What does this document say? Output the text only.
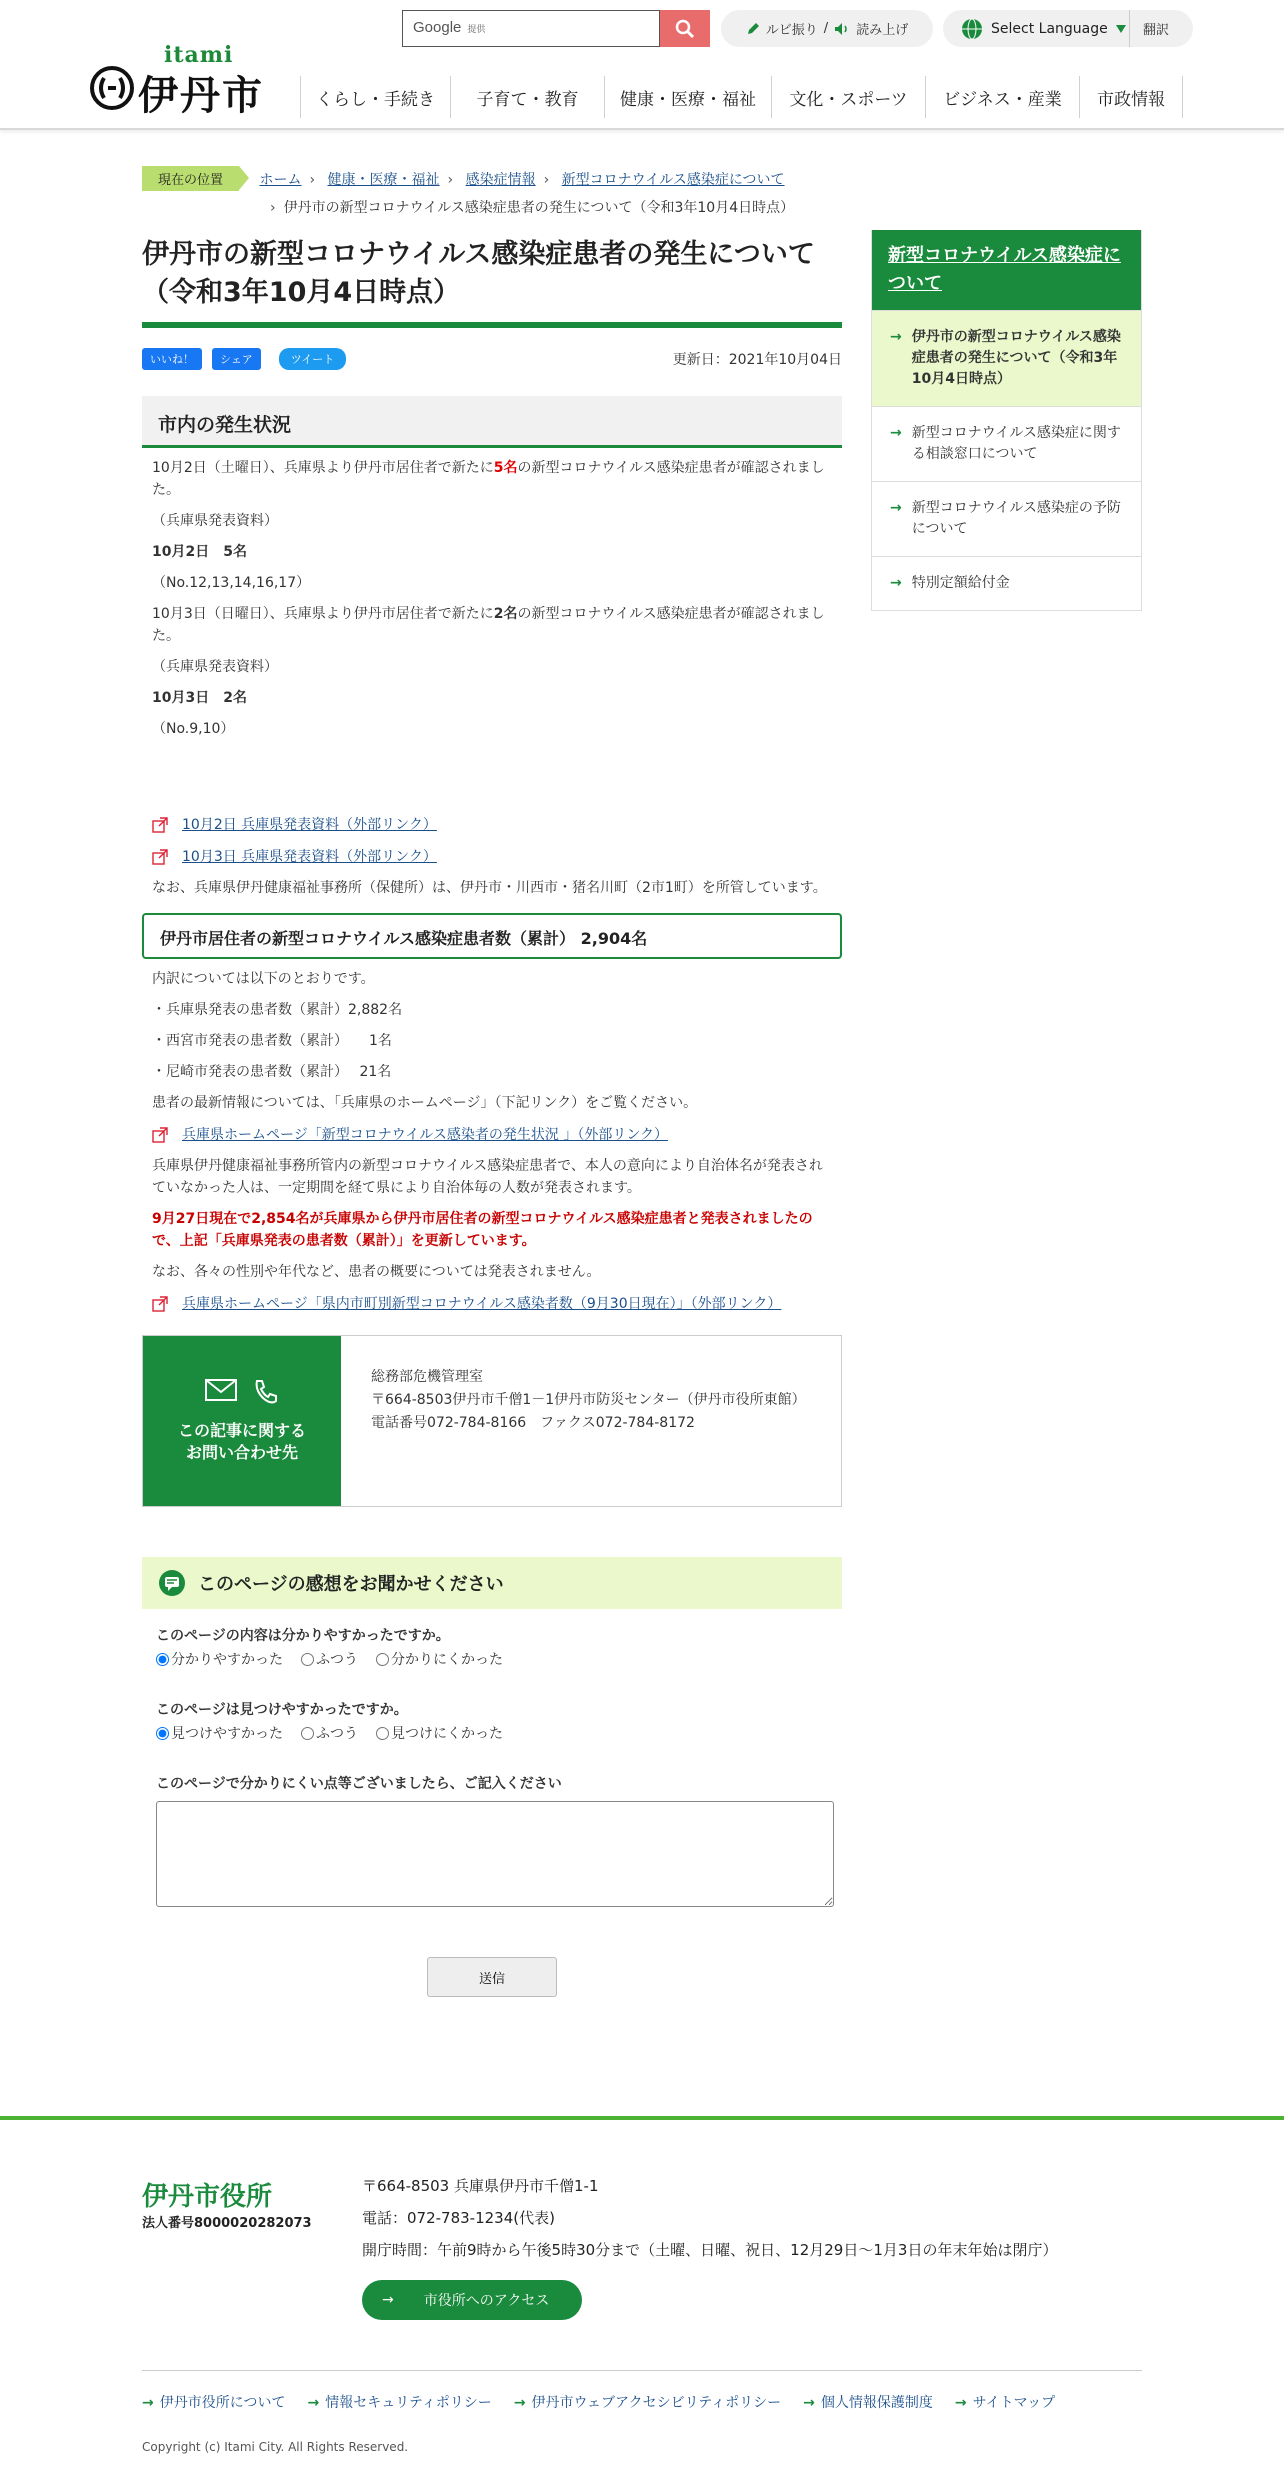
itami
伊丹市
Google 提供	ルビ振り / 読み上げ	Select Language	翻訳
くらし・手続き	子育て・教育	健康・医療・福祉	文化・スポーツ	ビジネス・産業	市政情報
現在の位置	ホーム › 健康・医療・福祉 › 感染症情報 › 新型コロナウイルス感染症について
› 伊丹市の新型コロナウイルス感染症患者の発生について（令和3年10月4日時点）
伊丹市の新型コロナウイルス感染症患者の発生について（令和3年10月4日時点）
いいね！	シェア	ツイート	更新日：2021年10月04日
市内の発生状況

10月2日（土曜日）、兵庫県より伊丹市居住者で新たに5名の新型コロナウイルス感染症患者が確認されました。

（兵庫県発表資料）

10月2日　5名

（No.12,13,14,16,17）

10月3日（日曜日）、兵庫県より伊丹市居住者で新たに2名の新型コロナウイルス感染症患者が確認されました。

（兵庫県発表資料）

10月3日　2名

（No.9,10）

10月2日 兵庫県発表資料（外部リンク）
10月3日 兵庫県発表資料（外部リンク）

なお、兵庫県伊丹健康福祉事務所（保健所）は、伊丹市・川西市・猪名川町（2市1町）を所管しています。

伊丹市居住者の新型コロナウイルス感染症患者数（累計） 2,904名

内訳については以下のとおりです。

・兵庫県発表の患者数（累計）2,882名

・西宮市発表の患者数（累計）　　1名

・尼崎市発表の患者数（累計）　 21名

患者の最新情報については、「兵庫県のホームページ」（下記リンク）をご覧ください。

兵庫県ホームページ「新型コロナウイルス感染者の発生状況 」（外部リンク）

兵庫県伊丹健康福祉事務所管内の新型コロナウイルス感染症患者で、本人の意向により自治体名が発表されていなかった人は、一定期間を経て県により自治体毎の人数が発表されます。

9月27日現在で2,854名が兵庫県から伊丹市居住者の新型コロナウイルス感染症患者と発表されましたので、上記「兵庫県発表の患者数（累計）」を更新しています。

なお、各々の性別や年代など、患者の概要については発表されません。

兵庫県ホームページ「県内市町別新型コロナウイルス感染者数（9月30日現在）」（外部リンク）
この記事に関する
お問い合わせ先
総務部危機管理室
〒664-8503伊丹市千僧1－1伊丹市防災センター（伊丹市役所東館）
電話番号072-784-8166　ファクス072-784-8172
このページの感想をお聞かせください
このページの内容は分かりやすかったですか。
分かりやすかった ふつう 分かりにくかった
このページは見つけやすかったですか。
見つけやすかった ふつう 見つけにくかった
このページで分かりにくい点等ございましたら、ご記入ください
送信
新型コロナウイルス感染症について
→ 伊丹市の新型コロナウイルス感染症患者の発生について（令和3年10月4日時点）
→ 新型コロナウイルス感染症に関する相談窓口について
→ 新型コロナウイルス感染症の予防について
→ 特別定額給付金
伊丹市役所
法人番号8000020282073
〒664-8503 兵庫県伊丹市千僧1-1
電話：072-783-1234(代表)
開庁時間：午前9時から午後5時30分まで（土曜、日曜、祝日、12月29日～1月3日の年末年始は閉庁）
→ 市役所へのアクセス
→ 伊丹市役所について → 情報セキュリティポリシー → 伊丹市ウェブアクセシビリティポリシー → 個人情報保護制度 → サイトマップ
Copyright (c) Itami City. All Rights Reserved.
